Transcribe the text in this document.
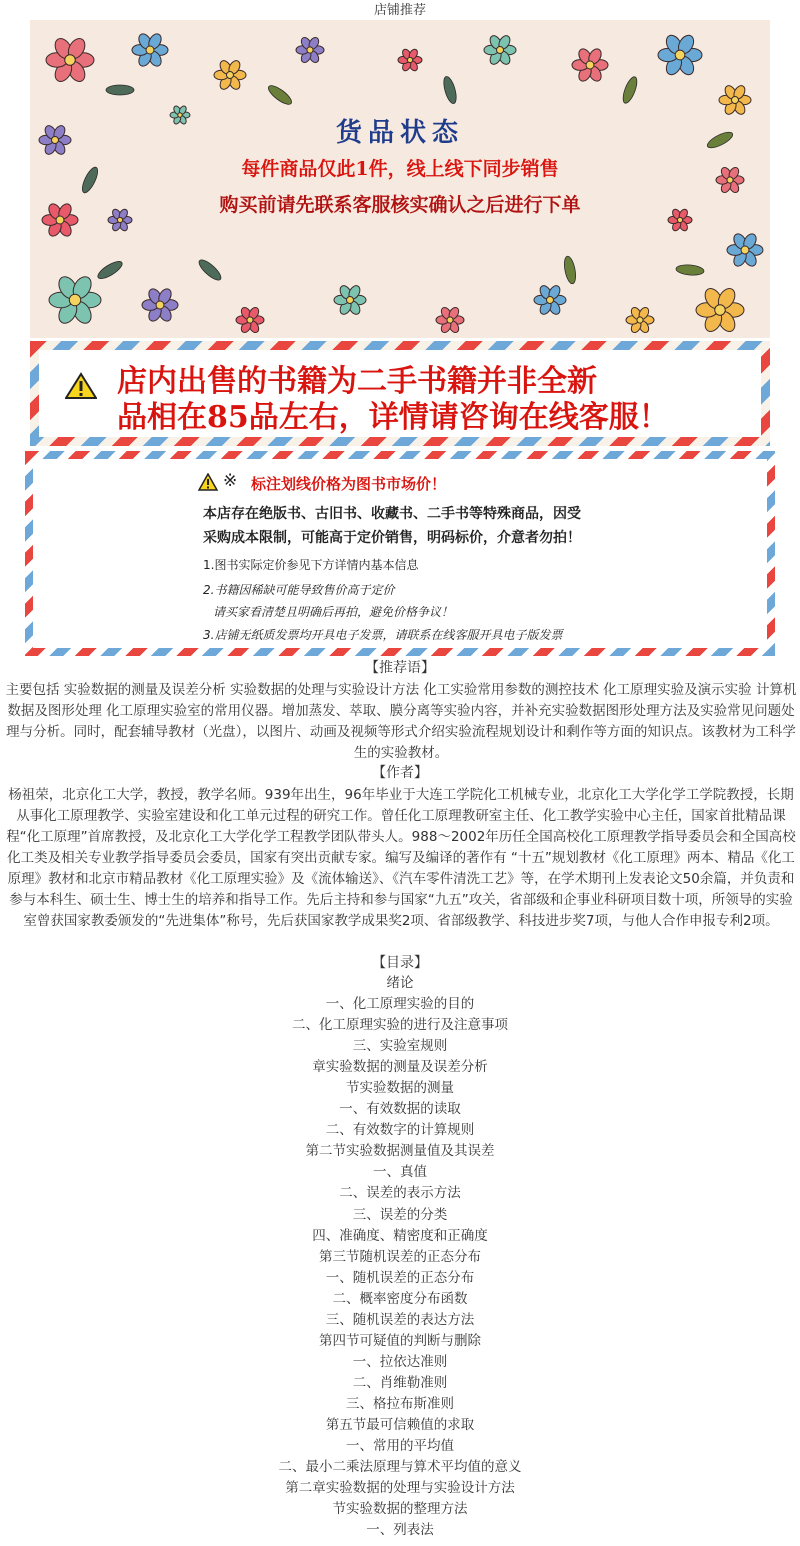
店铺推荐
货品状态
每件商品仅此1件，线上线下同步销售
购买前请先联系客服核实确认之后进行下单
店内出售的书籍为二手书籍并非全新
品相在85品左右，详情请咨询在线客服！
※ 标注划线价格为图书市场价！
本店存在绝版书、古旧书、收藏书、二手书等特殊商品，因受
采购成本限制，可能高于定价销售，明码标价，介意者勿拍！
1.图书实际定价参见下方详情内基本信息
2.书籍因稀缺可能导致售价高于定价
请买家看清楚且明确后再拍，避免价格争议！
3.店铺无纸质发票均开具电子发票，请联系在线客服开具电子版发票
【推荐语】
主要包括 实验数据的测量及误差分析 实验数据的处理与实验设计方法 化工实验常用参数的测控技术 化工原理实验及演示实验 计算机数据及图形处理 化工原理实验室的常用仪器。增加蒸发、萃取、膜分离等实验内容，并补充实验数据图形处理方法及实验常见问题处理与分析。同时，配套辅导教材（光盘），以图片、动画及视频等形式介绍实验流程规划设计和剩作等方面的知识点。该教材为工科学生的实验教材。
【作者】
杨祖荣，北京化工大学，教授，教学名师。939年出生，96年毕业于大连工学院化工机械专业，北京化工大学化学工学院教授，长期从事化工原理教学、实验室建设和化工单元过程的研究工作。曾任化工原理教研室主任、化工教学实验中心主任，国家首批精品课程“化工原理”首席教授，及北京化工大学化学工程教学团队带头人。988～2002年历任全国高校化工原理教学指导委员会和全国高校化工类及相关专业教学指导委员会委员，国家有突出贡献专家。编写及编译的著作有 “十五”规划教材《化工原理》两本、精品《化工原理》教材和北京市精品教材《化工原理实验》及《流体输送》、《汽车零件清洗工艺》等，在学术期刊上发表论文50余篇，并负责和参与本科生、硕士生、博士生的培养和指导工作。先后主持和参与国家“九五”攻关，省部级和企事业科研项目数十项，所领导的实验室曾获国家教委颁发的“先进集体”称号，先后获国家教学成果奖2项、省部级教学、科技进步奖7项，与他人合作申报专利2项。
【目录】
绪论
一、化工原理实验的目的
二、化工原理实验的进行及注意事项
三、实验室规则
章实验数据的测量及误差分析
节实验数据的测量
一、有效数据的读取
二、有效数字的计算规则
第二节实验数据测量值及其误差
一、真值
二、误差的表示方法
三、误差的分类
四、准确度、精密度和正确度
第三节随机误差的正态分布
一、随机误差的正态分布
二、概率密度分布函数
三、随机误差的表达方法
第四节可疑值的判断与删除
一、拉依达准则
二、肖维勒准则
三、格拉布斯准则
第五节最可信赖值的求取
一、常用的平均值
二、最小二乘法原理与算术平均值的意义
第二章实验数据的处理与实验设计方法
节实验数据的整理方法
一、列表法
